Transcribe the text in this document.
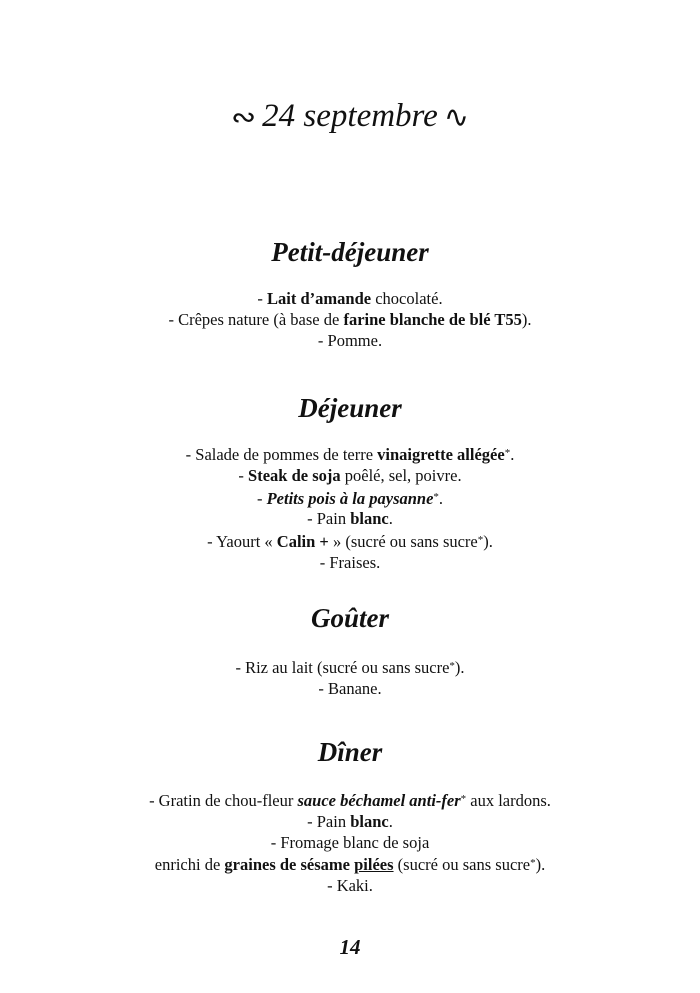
∾ 24 septembre ∿
Petit-déjeuner
- Lait d’amande chocolaté.
- Crêpes nature (à base de farine blanche de blé T55).
- Pomme.
Déjeuner
- Salade de pommes de terre vinaigrette allégée*.
- Steak de soja poêlé, sel, poivre.
- Petits pois à la paysanne*.
- Pain blanc.
- Yaourt « Calin + » (sucré ou sans sucre*).
- Fraises.
Goûter
- Riz au lait (sucré ou sans sucre*).
- Banane.
Dîner
- Gratin de chou-fleur sauce béchamel anti-fer* aux lardons.
- Pain blanc.
- Fromage blanc de soja
enrichi de graines de sésame pilées (sucré ou sans sucre*).
- Kaki.
14
